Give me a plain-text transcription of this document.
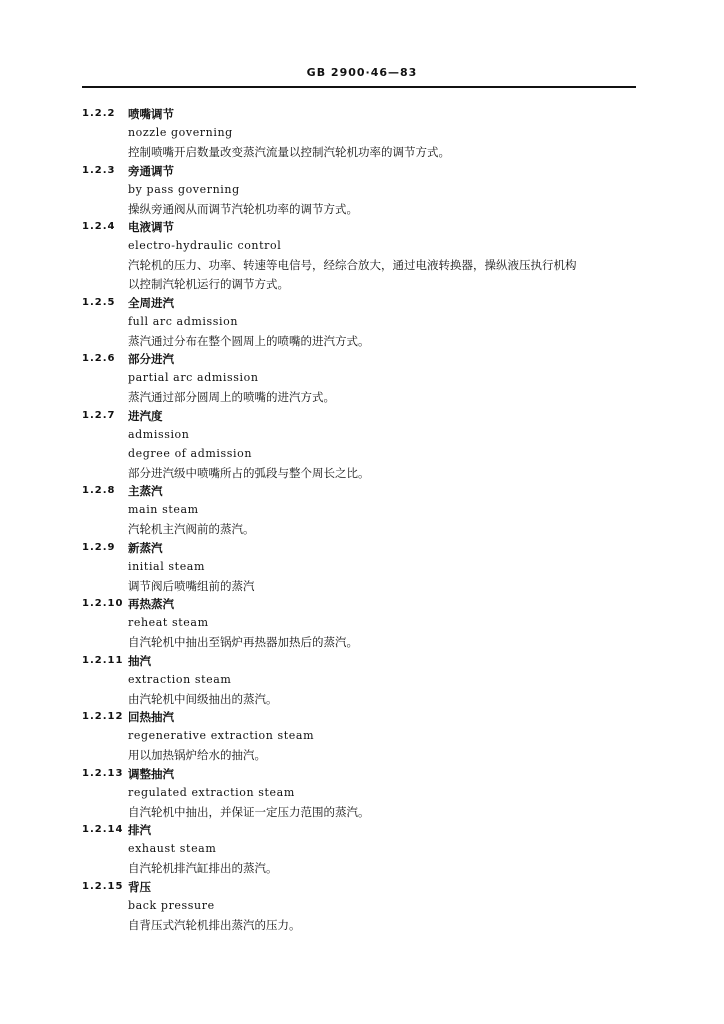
GB 2900·46—83
1.2.2 喷嘴调节
nozzle governing
控制喷嘴开启数量改变蒸汽流量以控制汽轮机功率的调节方式。
1.2.3 旁通调节
by pass governing
操纵旁通阀从而调节汽轮机功率的调节方式。
1.2.4 电液调节
electro-hydraulic control
汽轮机的压力、功率、转速等电信号，经综合放大，通过电液转换器，操纵液压执行机构
以控制汽轮机运行的调节方式。
1.2.5 全周进汽
full arc admission
蒸汽通过分布在整个圆周上的喷嘴的进汽方式。
1.2.6 部分进汽
partial arc admission
蒸汽通过部分圆周上的喷嘴的进汽方式。
1.2.7 进汽度
admission
degree of admission
部分进汽级中喷嘴所占的弧段与整个周长之比。
1.2.8 主蒸汽
main steam
汽轮机主汽阀前的蒸汽。
1.2.9 新蒸汽
initial steam
调节阀后喷嘴组前的蒸汽
1.2.10 再热蒸汽
reheat steam
自汽轮机中抽出至锅炉再热器加热后的蒸汽。
1.2.11 抽汽
extraction steam
由汽轮机中间级抽出的蒸汽。
1.2.12 回热抽汽
regenerative extraction steam
用以加热锅炉给水的抽汽。
1.2.13 调整抽汽
regulated extraction steam
自汽轮机中抽出，并保证一定压力范围的蒸汽。
1.2.14 排汽
exhaust steam
自汽轮机排汽缸排出的蒸汽。
1.2.15 背压
back pressure
自背压式汽轮机排出蒸汽的压力。
